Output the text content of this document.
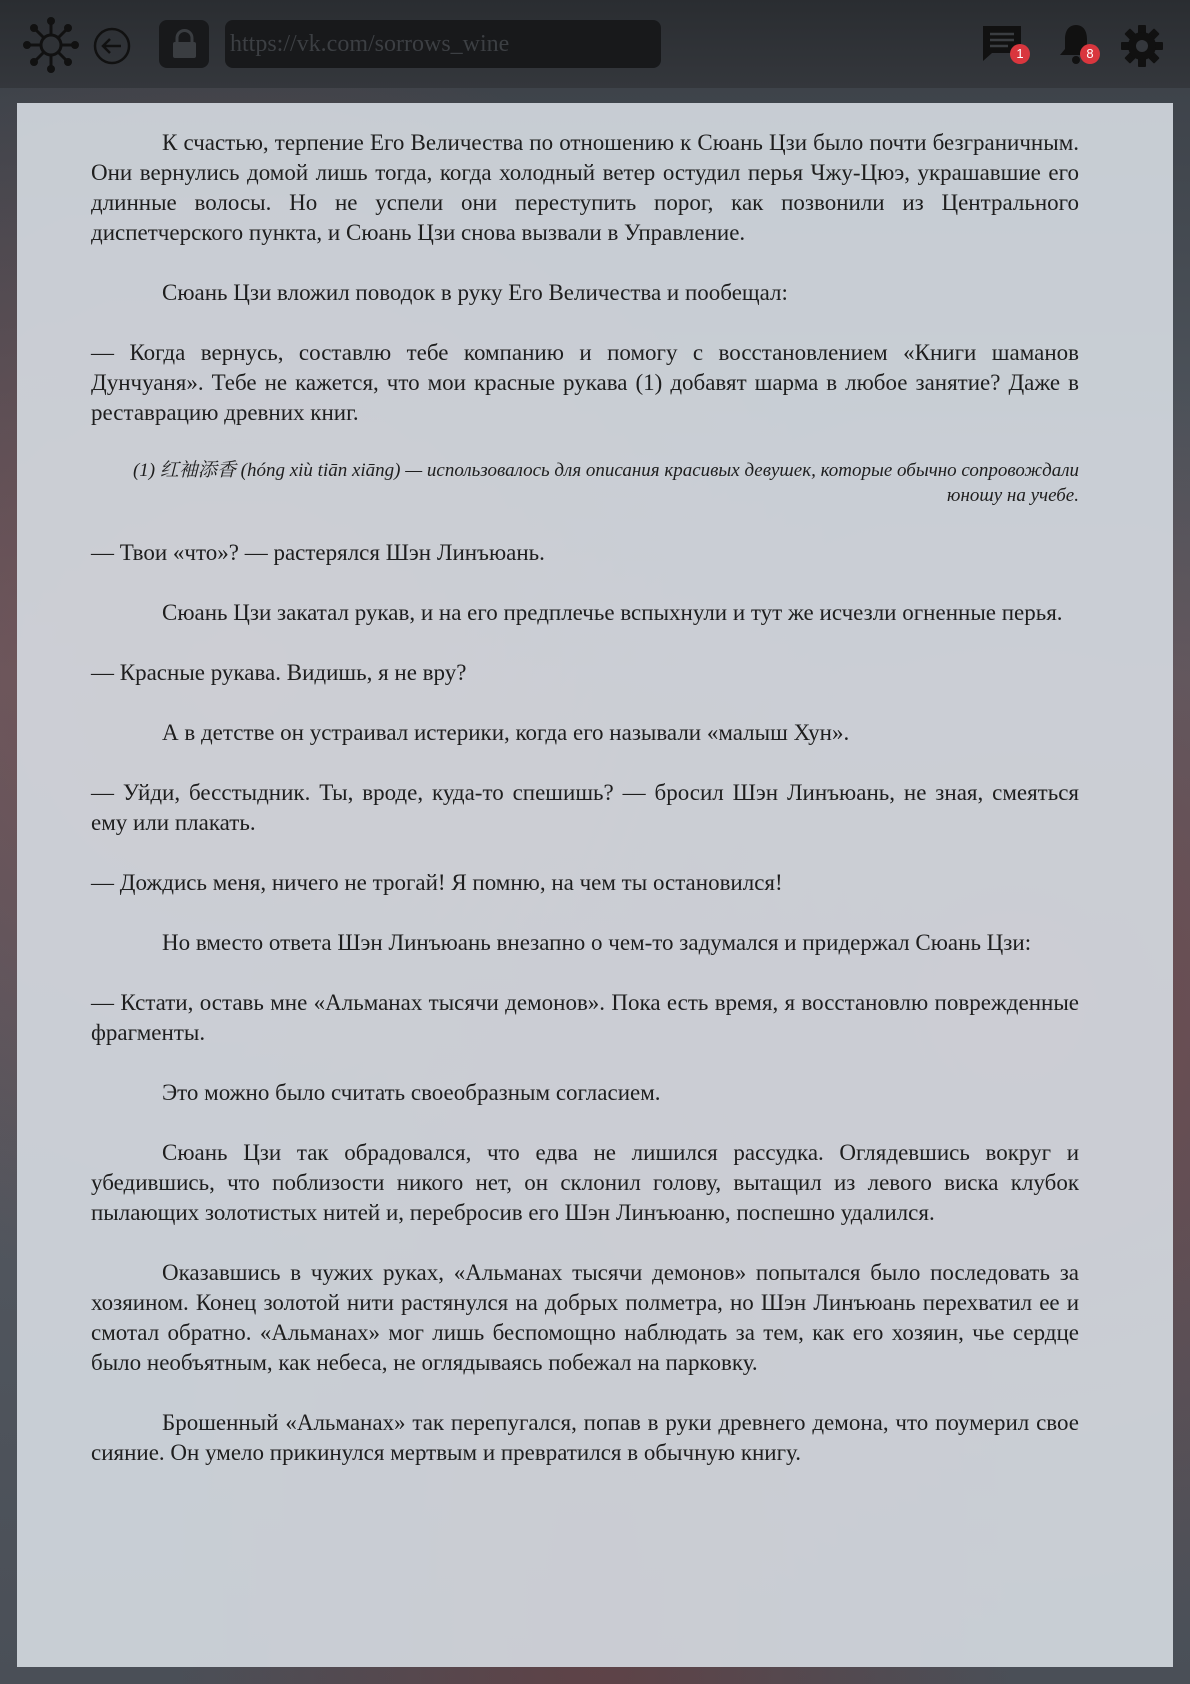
https://vk.com/sorrows_wine	1	8

К счастью, терпение Его Величества по отношению к Сюань Цзи было почти безграничным. Они вернулись домой лишь тогда, когда холодный ветер остудил перья Чжу-Цюэ, украшавшие его длинные волосы. Но не успели они переступить порог, как позвонили из Центрального диспетчерского пункта, и Сюань Цзи снова вызвали в Управление.

Сюань Цзи вложил поводок в руку Его Величества и пообещал:

— Когда вернусь, составлю тебе компанию и помогу с восстановлением «Книги шаманов Дунчуаня». Тебе не кажется, что мои красные рукава (1) добавят шарма в любое занятие? Даже в реставрацию древних книг.

(1) 红袖添香 (hóng xiù tiān xiāng) — использовалось для описания красивых девушек, которые обычно сопровождали юношу на учебе.

— Твои «что»? — растерялся Шэн Линъюань.

Сюань Цзи закатал рукав, и на его предплечье вспыхнули и тут же исчезли огненные перья.

— Красные рукава. Видишь, я не вру?

А в детстве он устраивал истерики, когда его называли «малыш Хун».

— Уйди, бесстыдник. Ты, вроде, куда-то спешишь? — бросил Шэн Линъюань, не зная, смеяться ему или плакать.

— Дождись меня, ничего не трогай! Я помню, на чем ты остановился!

Но вместо ответа Шэн Линъюань внезапно о чем-то задумался и придержал Сюань Цзи:

— Кстати, оставь мне «Альманах тысячи демонов». Пока есть время, я восстановлю поврежденные фрагменты.

Это можно было считать своеобразным согласием.

Сюань Цзи так обрадовался, что едва не лишился рассудка. Оглядевшись вокруг и убедившись, что поблизости никого нет, он склонил голову, вытащил из левого виска клубок пылающих золотистых нитей и, перебросив его Шэн Линъюаню, поспешно удалился.

Оказавшись в чужих руках, «Альманах тысячи демонов» попытался было последовать за хозяином. Конец золотой нити растянулся на добрых полметра, но Шэн Линъюань перехватил ее и смотал обратно. «Альманах» мог лишь беспомощно наблюдать за тем, как его хозяин, чье сердце было необъятным, как небеса, не оглядываясь побежал на парковку.

Брошенный «Альманах» так перепугался, попав в руки древнего демона, что поумерил свое сияние. Он умело прикинулся мертвым и превратился в обычную книгу.
